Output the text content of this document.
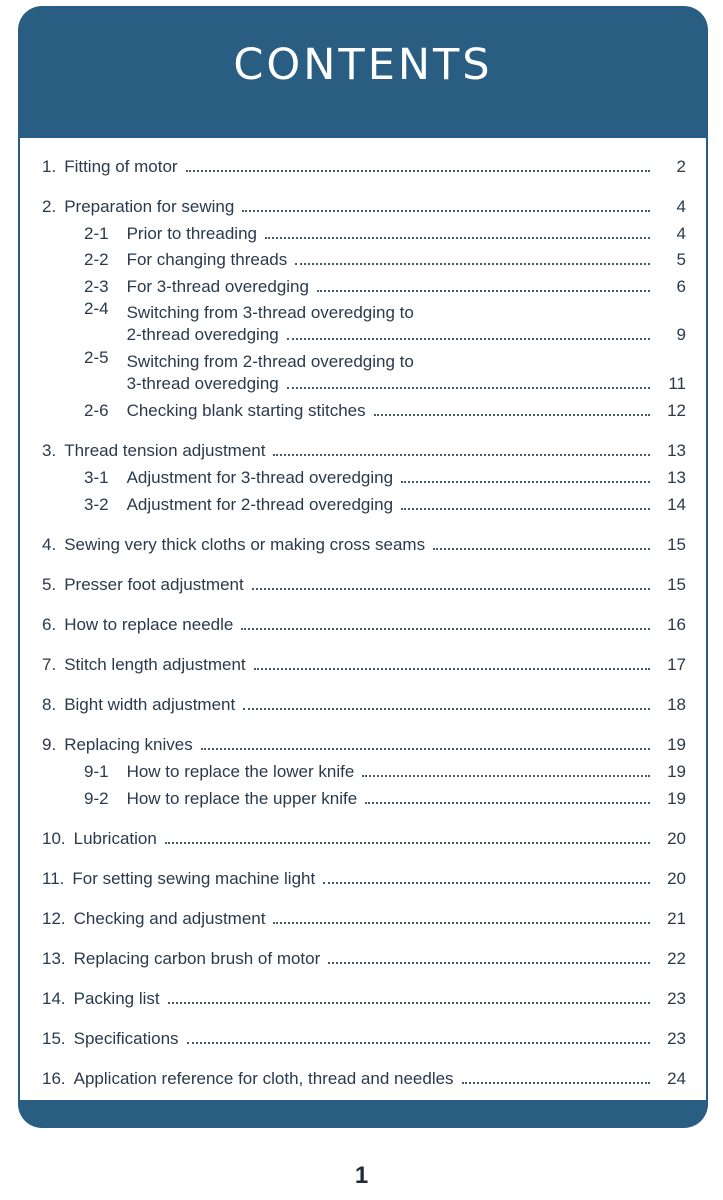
CONTENTS
1. Fitting of motor	2
2. Preparation for sewing	4
2-1 Prior to threading	4
2-2 For changing threads	5
2-3 For 3-thread overedging	6
2-4 Switching from 3-thread overedging to
2-thread overedging	9
2-5 Switching from 2-thread overedging to
3-thread overedging	11
2-6 Checking blank starting stitches	12
3. Thread tension adjustment	13
3-1 Adjustment for 3-thread overedging	13
3-2 Adjustment for 2-thread overedging	14
4. Sewing very thick cloths or making cross seams	15
5. Presser foot adjustment	15
6. How to replace needle	16
7. Stitch length adjustment	17
8. Bight width adjustment	18
9. Replacing knives	19
9-1 How to replace the lower knife	19
9-2 How to replace the upper knife	19
10. Lubrication	20
11. For setting sewing machine light	20
12. Checking and adjustment	21
13. Replacing carbon brush of motor	22
14. Packing list	23
15. Specifications	23
16. Application reference for cloth, thread and needles	24
1
